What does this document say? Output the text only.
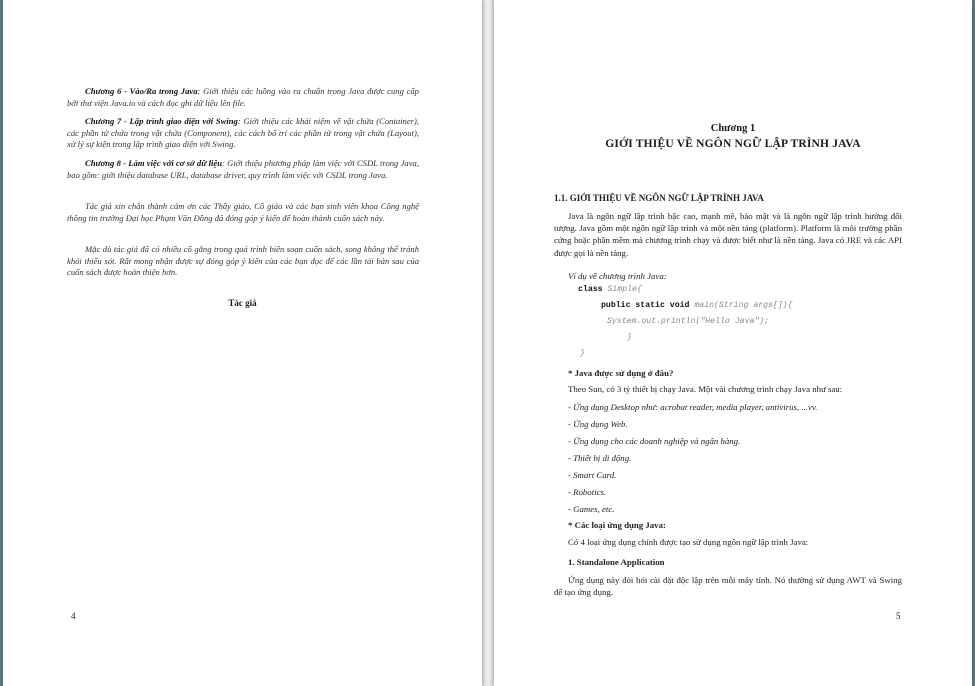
Chương 6 - Vào/Ra trong Java: Giới thiệu các luồng vào ra chuẩn trong Java được cung cấp bởi thư viện Java.io và cách đọc ghi dữ liệu lên file.

Chương 7 - Lập trình giao diện với Swing: Giới thiệu các khái niệm về vật chứa (Container), các phần tử chứa trong vật chứa (Component), các cách bố trí các phần tử trong vật chứa (Layout), xử lý sự kiện trong lập trình giao diện với Swing.

Chương 8 - Làm việc với cơ sở dữ liệu: Giới thiệu phương pháp làm việc với CSDL trong Java, bao gồm: giới thiệu database URL, database driver, quy trình làm việc với CSDL trong Java.

Tác giả xin chân thành cảm ơn các Thầy giáo, Cô giáo và các bạn sinh viên khoa Công nghệ thông tin trường Đại học Phạm Văn Đồng đã đóng góp ý kiến để hoàn thành cuốn sách này.

Mặc dù tác giả đã có nhiều cố gắng trong quá trình biên soạn cuốn sách, song không thể tránh khỏi thiếu sót. Rất mong nhận được sự đóng góp ý kiến của các bạn đọc để các lần tái bản sau của cuốn sách được hoàn thiện hơn.

Tác giả
4
Chương 1
GIỚI THIỆU VỀ NGÔN NGỮ LẬP TRÌNH JAVA
1.1. GIỚI THIỆU VỀ NGÔN NGỮ LẬP TRÌNH JAVA
Java là ngôn ngữ lập trình bậc cao, mạnh mẽ, bảo mật và là ngôn ngữ lập trình hướng đối tượng. Java gồm một ngôn ngữ lập trình và một nền tảng (platform). Platform là môi trường phần cứng hoặc phần mềm mà chương trình chạy và được biết như là nền tảng. Java có JRE và các API được gọi là nền tảng.
Ví dụ về chương trình Java:
class Simple{
public static void main(String args[]){
System.out.println("Hello Java");
}
}
* Java được sử dụng ở đâu?
Theo Sun, có 3 tỷ thiết bị chạy Java. Một vài chương trình chạy Java như sau:
- Ứng dụng Desktop như: acrobat reader, media player, antivirus, ...vv.
- Ứng dụng Web.
- Ứng dụng cho các doanh nghiệp và ngân hàng.
- Thiết bị di động.
- Smart Card.
- Robotics.
- Games, etc.
* Các loại ứng dụng Java:
Có 4 loại ứng dụng chính được tạo sử dụng ngôn ngữ lập trình Java:
1. Standalone Application
Ứng dụng này đòi hỏi cài đặt độc lập trên mỗi máy tính. Nó thường sử dụng AWT và Swing để tạo ứng dụng.
5
